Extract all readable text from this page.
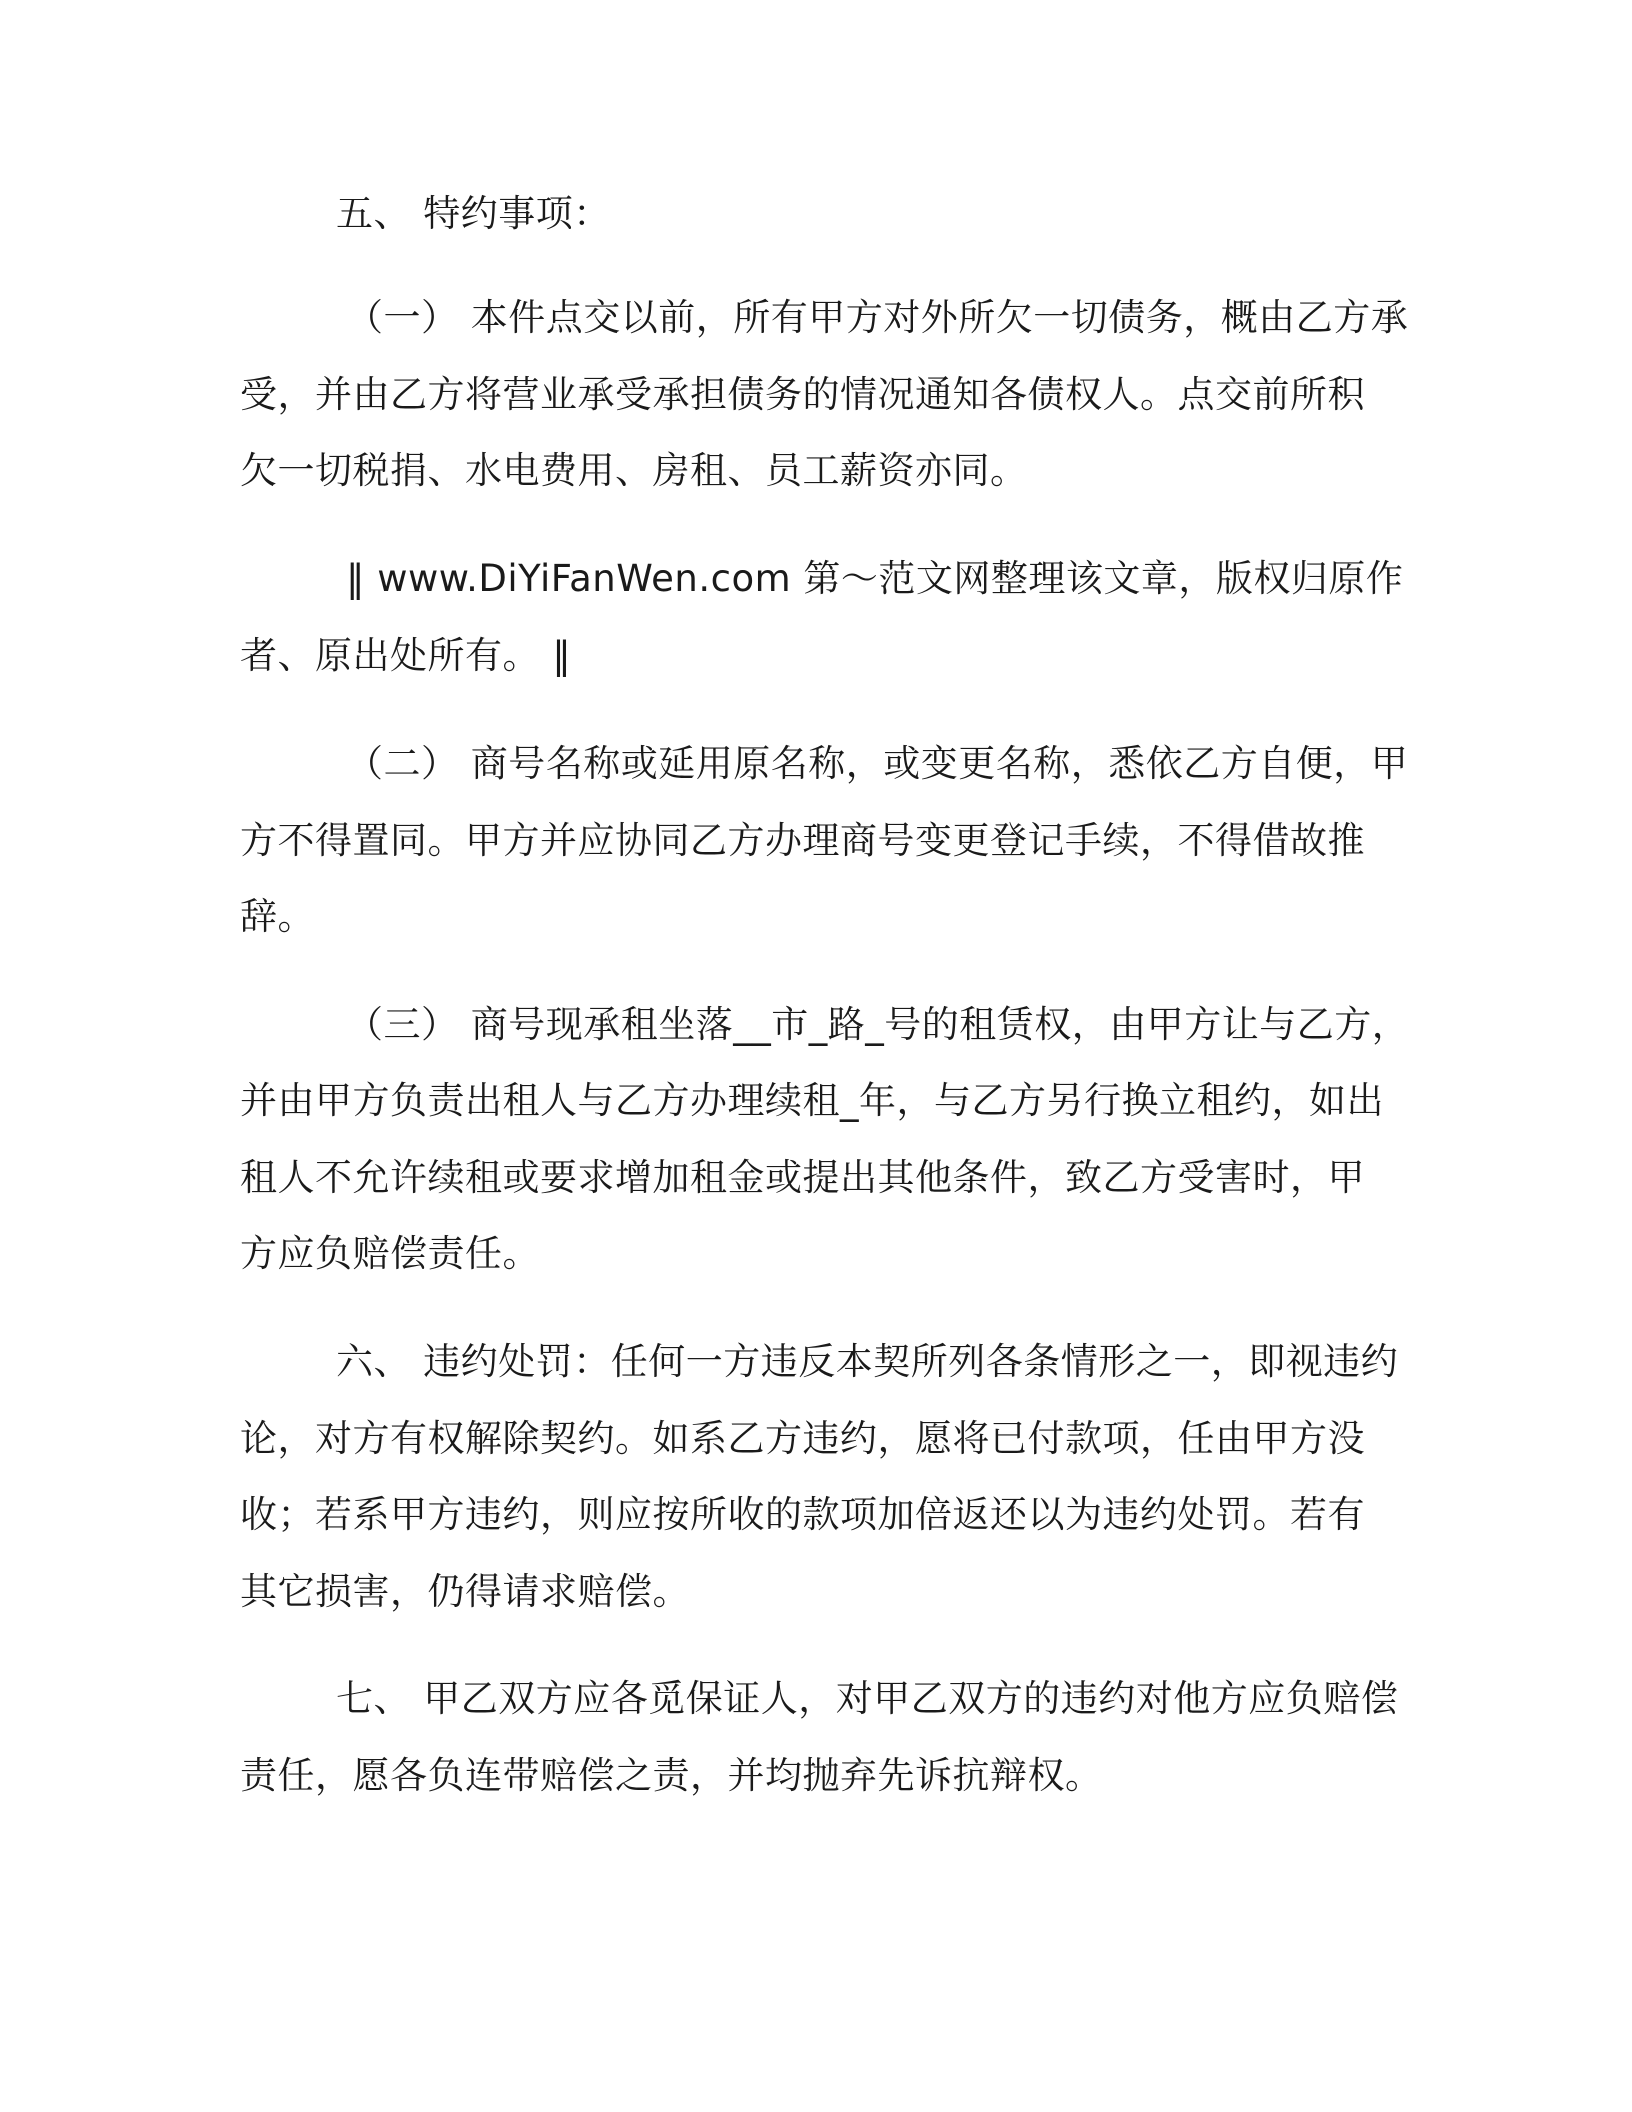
五、 特约事项：
（一） 本件点交以前，所有甲方对外所欠一切债务，概由乙方承
受，并由乙方将营业承受承担债务的情况通知各债权人。点交前所积
欠一切税捐、水电费用、房租、员工薪资亦同。
‖ www.DiYiFanWen.com 第～范文网整理该文章，版权归原作
者、原出处所有。 ‖
（二） 商号名称或延用原名称，或变更名称，悉依乙方自便，甲
方不得置同。甲方并应协同乙方办理商号变更登记手续，不得借故推
辞。
（三） 商号现承租坐落__市_路_号的租赁权，由甲方让与乙方，
并由甲方负责出租人与乙方办理续租_年，与乙方另行换立租约，如出
租人不允许续租或要求增加租金或提出其他条件，致乙方受害时，甲
方应负赔偿责任。
六、 违约处罚：任何一方违反本契所列各条情形之一，即视违约
论，对方有权解除契约。如系乙方违约，愿将已付款项，任由甲方没
收；若系甲方违约，则应按所收的款项加倍返还以为违约处罚。若有
其它损害，仍得请求赔偿。
七、 甲乙双方应各觅保证人，对甲乙双方的违约对他方应负赔偿
责任，愿各负连带赔偿之责，并均抛弃先诉抗辩权。
